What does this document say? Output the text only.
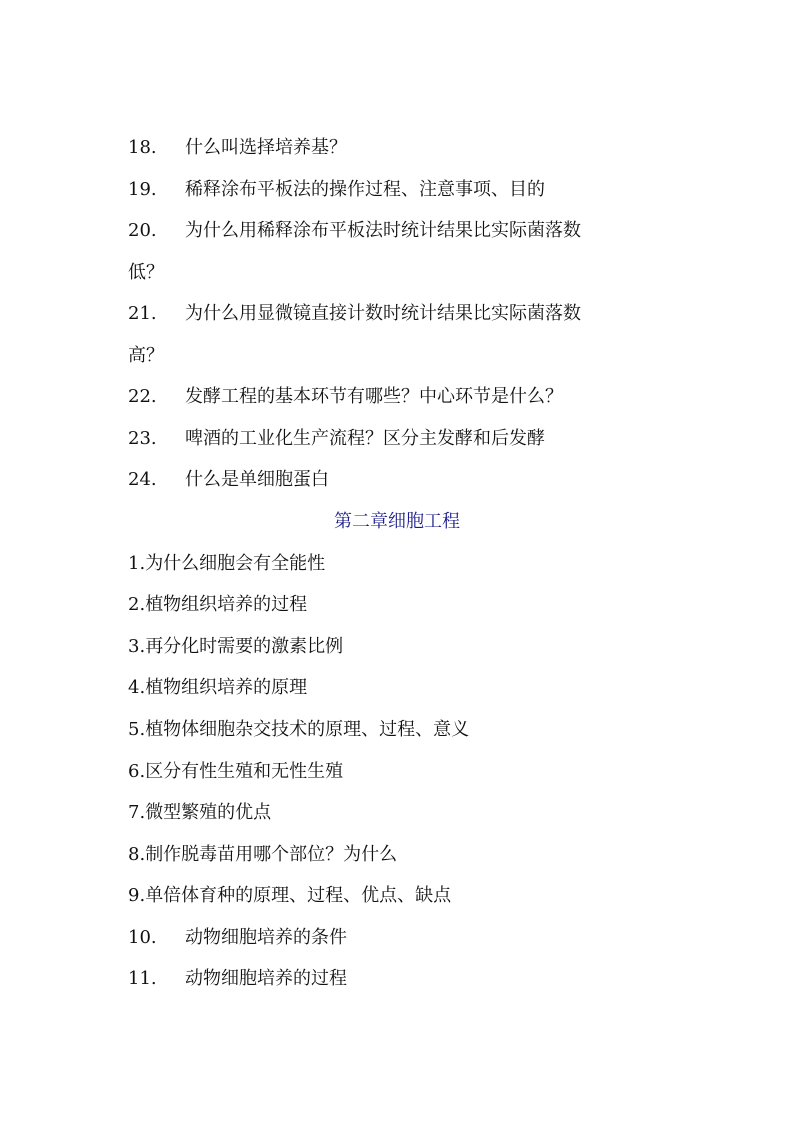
18. 什么叫选择培养基？
19. 稀释涂布平板法的操作过程、注意事项、目的
20. 为什么用稀释涂布平板法时统计结果比实际菌落数
低？
21. 为什么用显微镜直接计数时统计结果比实际菌落数
高？
22. 发酵工程的基本环节有哪些？中心环节是什么？
23. 啤酒的工业化生产流程？区分主发酵和后发酵
24. 什么是单细胞蛋白
第二章细胞工程
1.为什么细胞会有全能性
2.植物组织培养的过程
3.再分化时需要的激素比例
4.植物组织培养的原理
5.植物体细胞杂交技术的原理、过程、意义
6.区分有性生殖和无性生殖
7.微型繁殖的优点
8.制作脱毒苗用哪个部位？为什么
9.单倍体育种的原理、过程、优点、缺点
10. 动物细胞培养的条件
11. 动物细胞培养的过程
